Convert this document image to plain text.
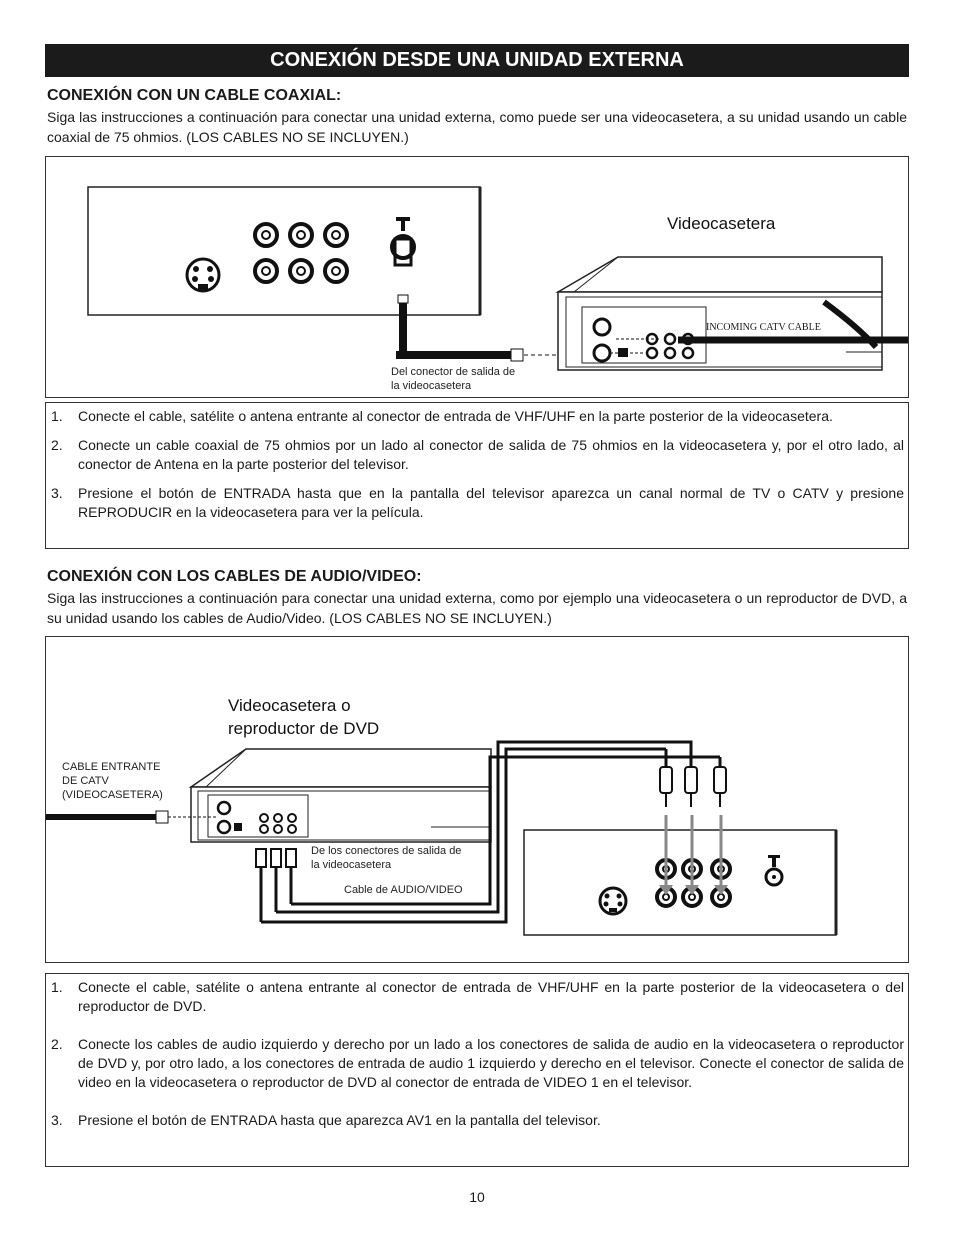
CONEXIÓN DESDE UNA UNIDAD EXTERNA
CONEXIÓN CON UN CABLE COAXIAL:
Siga las instrucciones a continuación para conectar una unidad externa, como puede ser una videocasetera, a su unidad usando un cable coaxial de 75 ohmios. (LOS CABLES NO SE INCLUYEN.)
Videocasetera
INCOMING CATV CABLE
Del conector de salida de
la videocasetera
1. Conecte el cable, satélite o antena entrante al conector de entrada de VHF/UHF en la parte posterior de la videocasetera.
2. Conecte un cable coaxial de 75 ohmios por un lado al conector de salida de 75 ohmios en la videocasetera y, por el otro lado, al conector de Antena en la parte posterior del televisor.
3. Presione el botón de ENTRADA hasta que en la pantalla del televisor aparezca un canal normal de TV o CATV y presione REPRODUCIR en la videocasetera para ver la película.
CONEXIÓN CON LOS CABLES DE AUDIO/VIDEO:
Siga las instrucciones a continuación para conectar una unidad externa, como por ejemplo una videocasetera o un reproductor de DVD, a su unidad usando los cables de Audio/Video. (LOS CABLES NO SE INCLUYEN.)
Videocasetera o
reproductor de DVD
CABLE ENTRANTE
DE CATV
(VIDEOCASETERA)
De los conectores de salida de
la videocasetera
Cable de AUDIO/VIDEO
1. Conecte el cable, satélite o antena entrante al conector de entrada de VHF/UHF en la parte posterior de la videocasetera o del reproductor de DVD.
2. Conecte los cables de audio izquierdo y derecho por un lado a los conectores de salida de audio en la videocasetera o reproductor de DVD y, por otro lado, a los conectores de entrada de audio 1 izquierdo y derecho en el televisor. Conecte el conector de salida de video en la videocasetera o reproductor de DVD al conector de entrada de VIDEO 1 en el televisor.
3. Presione el botón de ENTRADA hasta que aparezca AV1 en la pantalla del televisor.
10
